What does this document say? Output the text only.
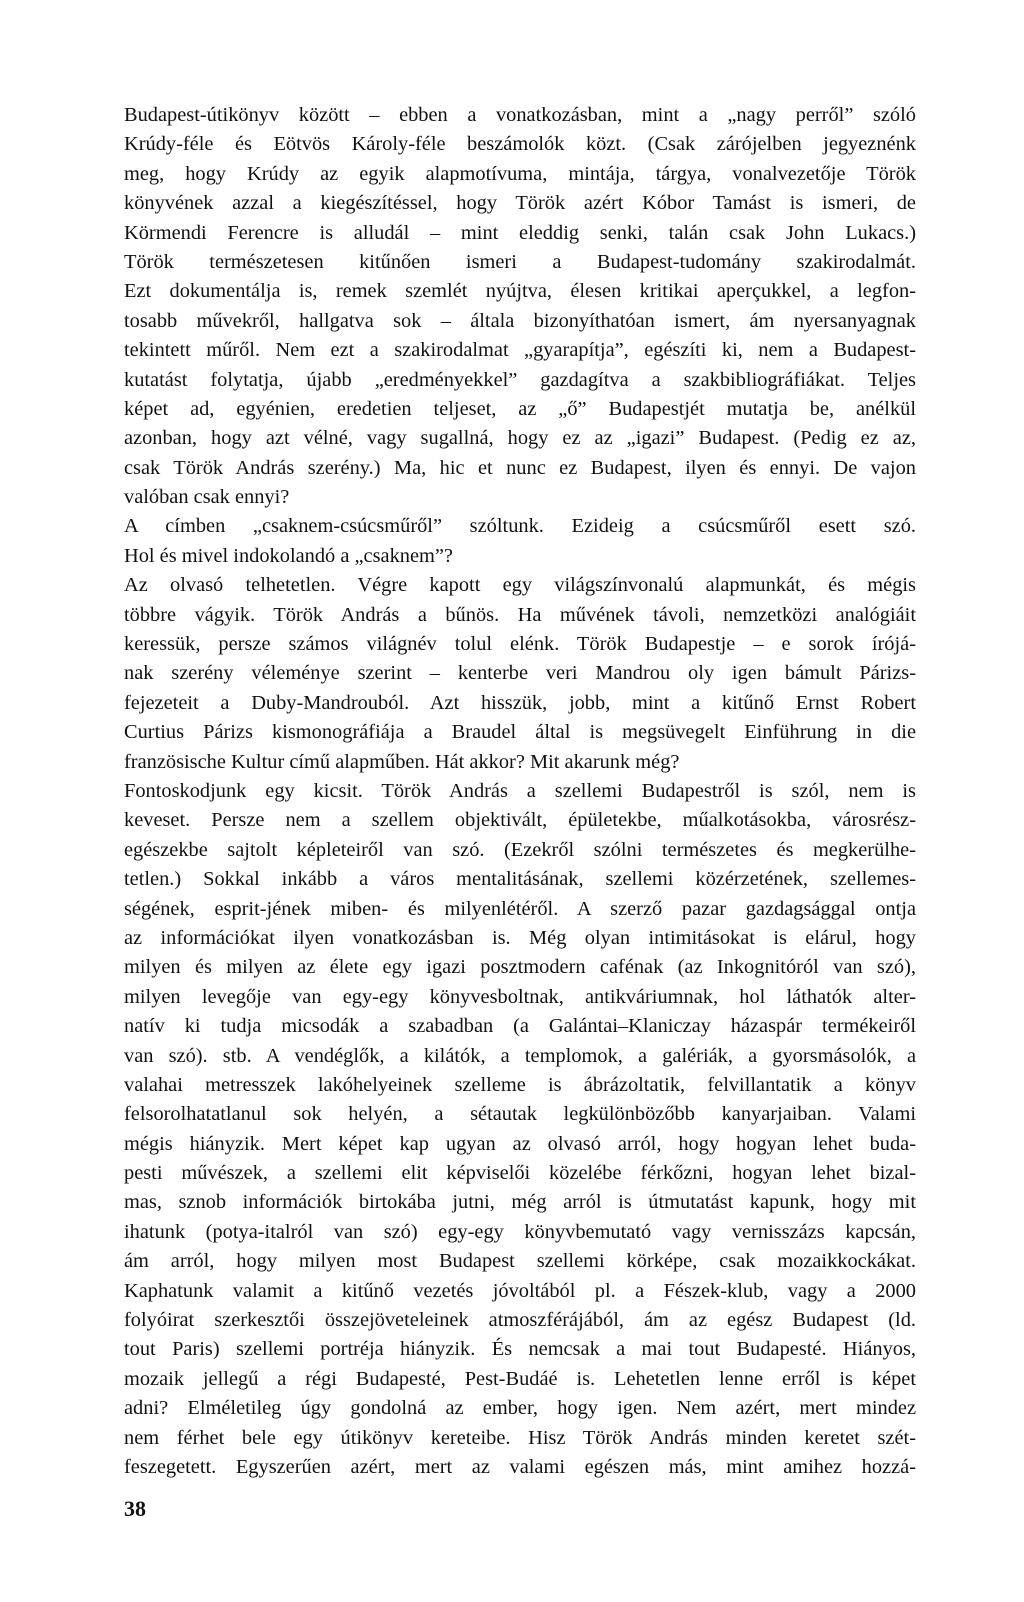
Budapest-útikönyv között – ebben a vonatkozásban, mint a „nagy perről” szóló
Krúdy-féle és Eötvös Károly-féle beszámolók közt. (Csak zárójelben jegyeznénk
meg, hogy Krúdy az egyik alapmotívuma, mintája, tárgya, vonalvezetője Török
könyvének azzal a kiegészítéssel, hogy Török azért Kóbor Tamást is ismeri, de
Körmendi Ferencre is alludál – mint eleddig senki, talán csak John Lukacs.)
Török természetesen kitűnően ismeri a Budapest-tudomány szakirodalmát.
Ezt dokumentálja is, remek szemlét nyújtva, élesen kritikai aperçukkel, a legfon-
tosabb művekről, hallgatva sok – általa bizonyíthatóan ismert, ám nyersanyagnak
tekintett műről. Nem ezt a szakirodalmat „gyarapítja”, egészíti ki, nem a Budapest-
kutatást folytatja, újabb „eredményekkel” gazdagítva a szakbibliográfiákat. Teljes
képet ad, egyénien, eredetien teljeset, az „ő” Budapestjét mutatja be, anélkül
azonban, hogy azt vélné, vagy sugallná, hogy ez az „igazi” Budapest. (Pedig ez az,
csak Török András szerény.) Ma, hic et nunc ez Budapest, ilyen és ennyi. De vajon
valóban csak ennyi?
A címben „csaknem-csúcsműről” szóltunk. Ezideig a csúcsműről esett szó.
Hol és mivel indokolandó a „csaknem”?
Az olvasó telhetetlen. Végre kapott egy világszínvonalú alapmunkát, és mégis
többre vágyik. Török András a bűnös. Ha művének távoli, nemzetközi analógiáit
keressük, persze számos világnév tolul elénk. Török Budapestje – e sorok írójá-
nak szerény véleménye szerint – kenterbe veri Mandrou oly igen bámult Párizs-
fejezeteit a Duby-Mandrouból. Azt hisszük, jobb, mint a kitűnő Ernst Robert
Curtius Párizs kismonográfiája a Braudel által is megsüvegelt Einführung in die
französische Kultur című alapműben. Hát akkor? Mit akarunk még?
Fontoskodjunk egy kicsit. Török András a szellemi Budapestről is szól, nem is
keveset. Persze nem a szellem objektivált, épületekbe, műalkotásokba, városrész-
egészekbe sajtolt képleteiről van szó. (Ezekről szólni természetes és megkerülhe-
tetlen.) Sokkal inkább a város mentalitásának, szellemi közérzetének, szellemes-
ségének, esprit-jének miben- és milyenlétéről. A szerző pazar gazdagsággal ontja
az információkat ilyen vonatkozásban is. Még olyan intimitásokat is elárul, hogy
milyen és milyen az élete egy igazi posztmodern cafénak (az Inkognitóról van szó),
milyen levegője van egy-egy könyvesboltnak, antikváriumnak, hol láthatók alter-
natív ki tudja micsodák a szabadban (a Galántai–Klaniczay házaspár termékeiről
van szó). stb. A vendéglők, a kilátók, a templomok, a galériák, a gyorsmásolók, a
valahai metresszek lakóhelyeinek szelleme is ábrázoltatik, felvillantatik a könyv
felsorolhatatlanul sok helyén, a sétautak legkülönbözőbb kanyarjaiban. Valami
mégis hiányzik. Mert képet kap ugyan az olvasó arról, hogy hogyan lehet buda-
pesti művészek, a szellemi elit képviselői közelébe férkőzni, hogyan lehet bizal-
mas, sznob információk birtokába jutni, még arról is útmutatást kapunk, hogy mit
ihatunk (potya-italról van szó) egy-egy könyvbemutató vagy vernisszázs kapcsán,
ám arról, hogy milyen most Budapest szellemi körképe, csak mozaikkockákat.
Kaphatunk valamit a kitűnő vezetés jóvoltából pl. a Fészek-klub, vagy a 2000
folyóirat szerkesztői összejöveteleinek atmoszférájából, ám az egész Budapest (ld.
tout Paris) szellemi portréja hiányzik. És nemcsak a mai tout Budapesté. Hiányos,
mozaik jellegű a régi Budapesté, Pest-Budáé is. Lehetetlen lenne erről is képet
adni? Elméletileg úgy gondolná az ember, hogy igen. Nem azért, mert mindez
nem férhet bele egy útikönyv kereteibe. Hisz Török András minden keretet szét-
feszegetett. Egyszerűen azért, mert az valami egészen más, mint amihez hozzá-
38
